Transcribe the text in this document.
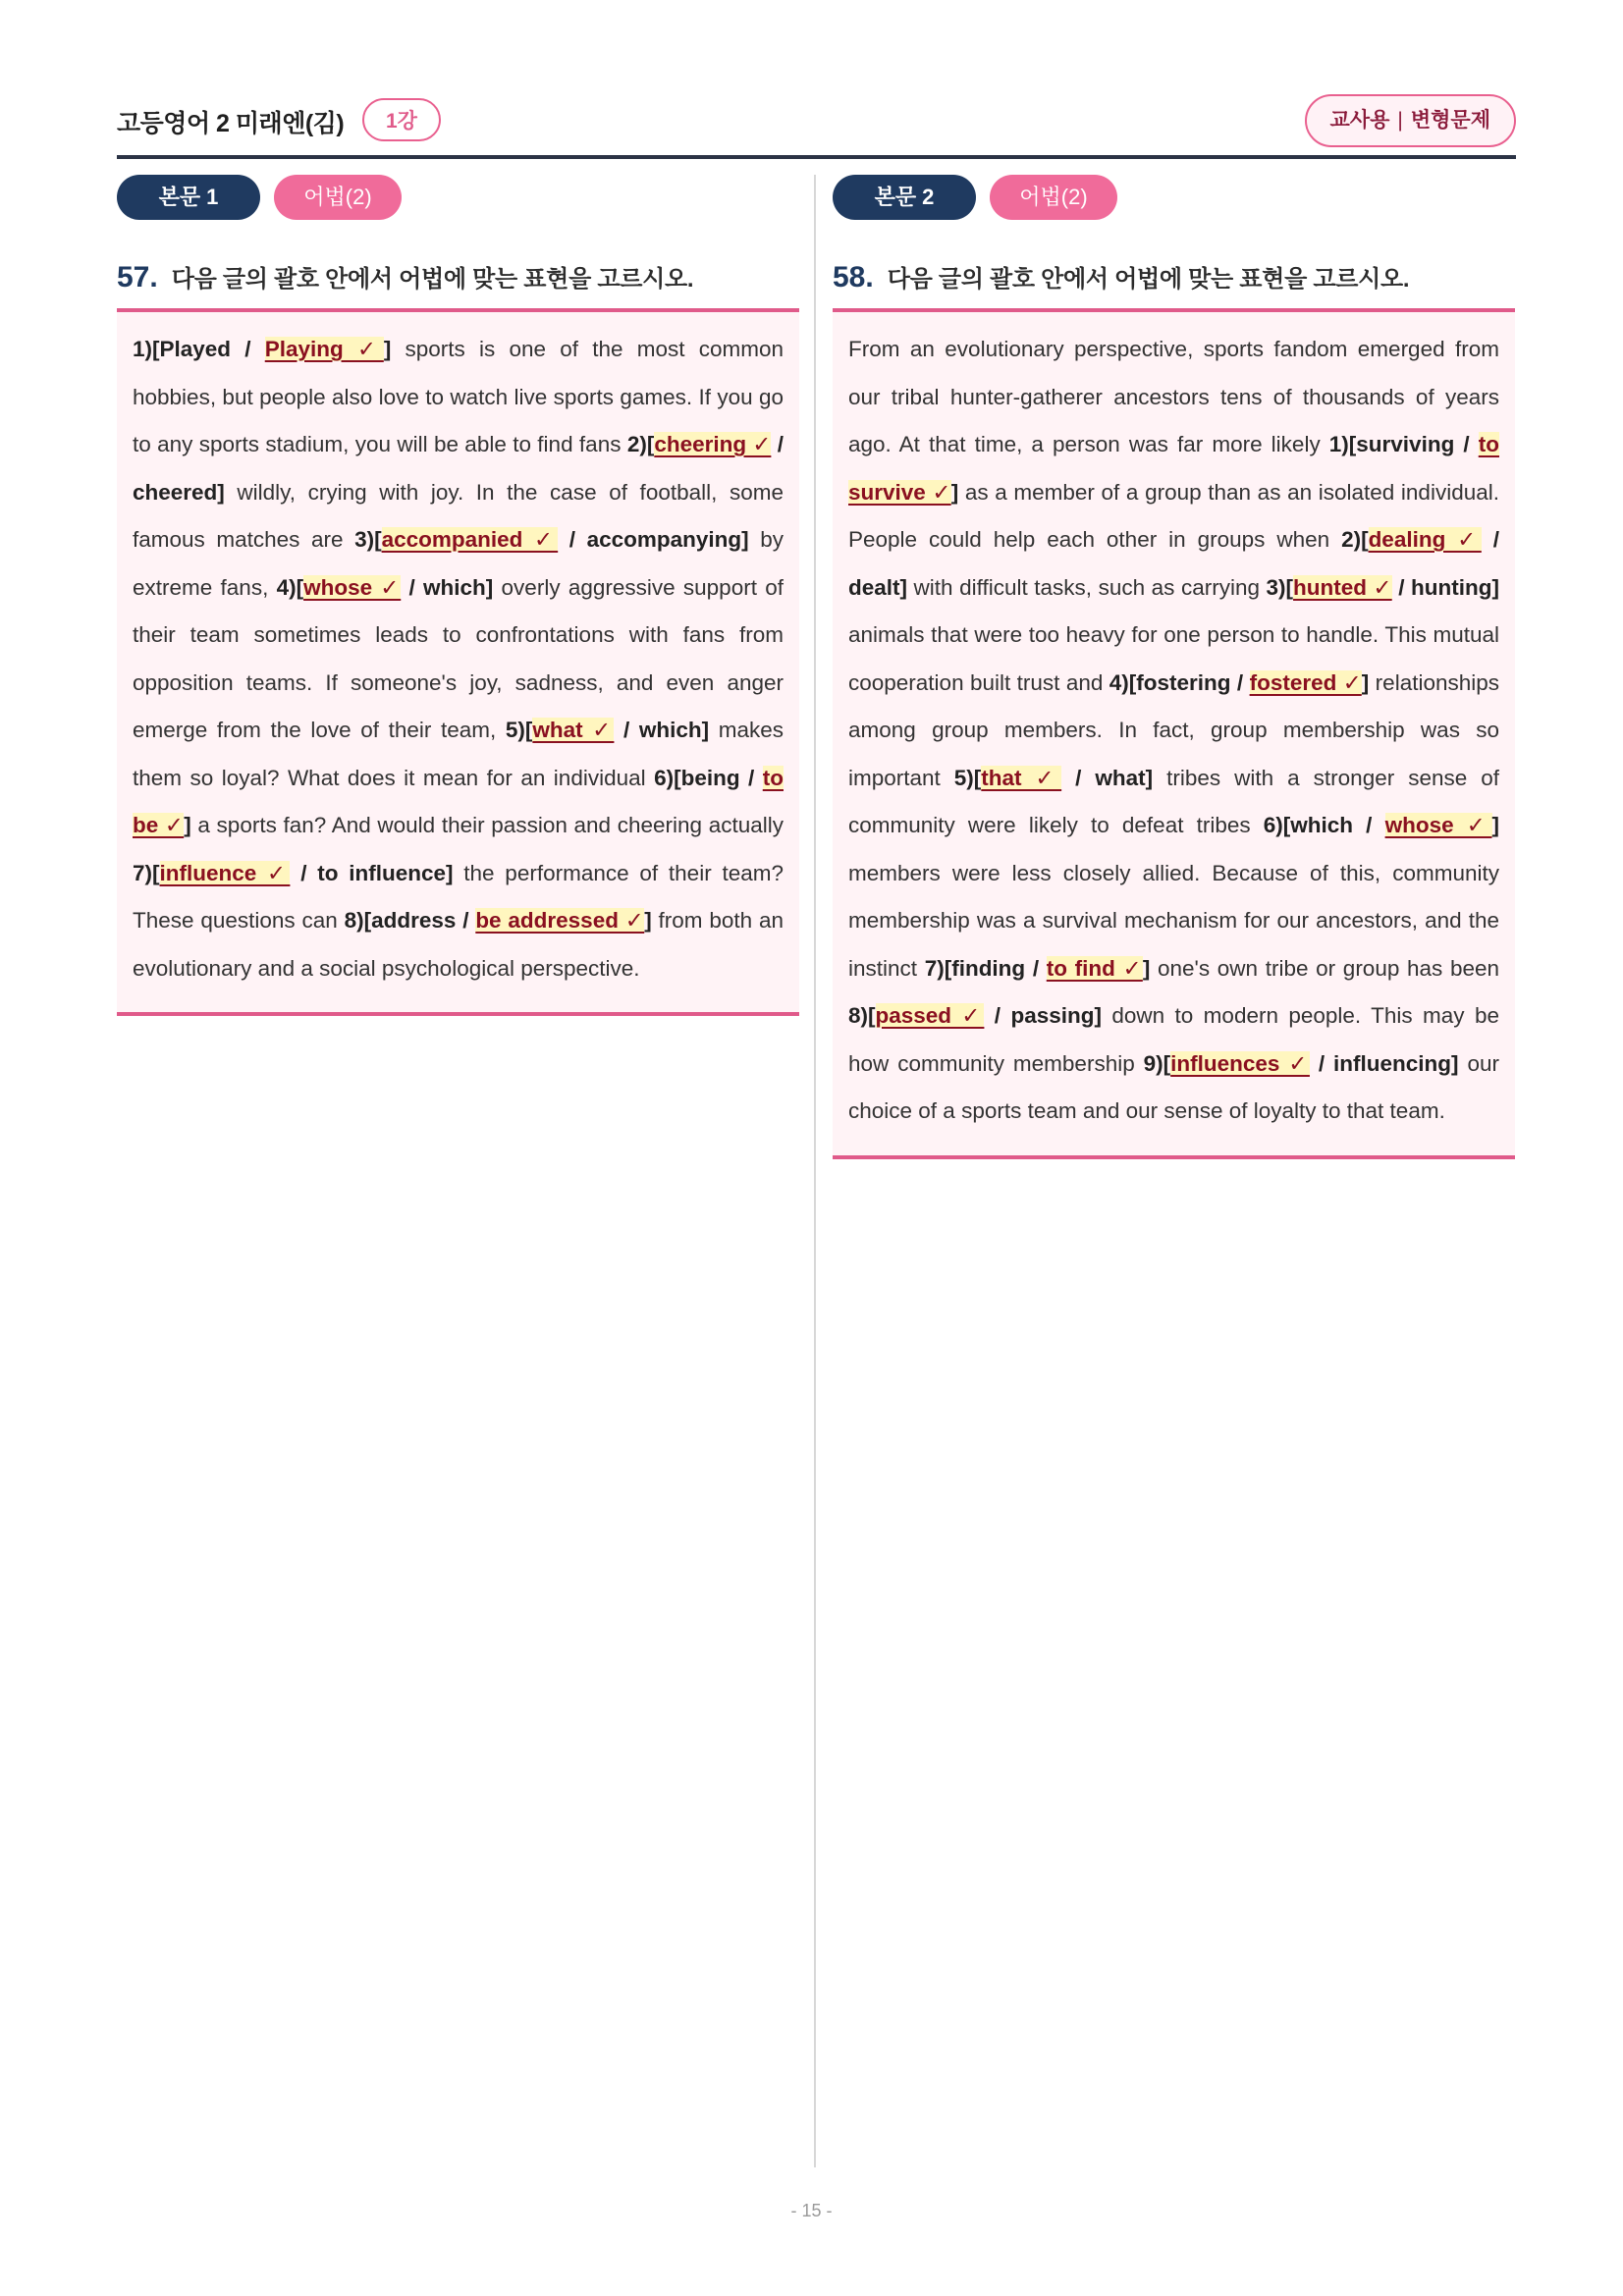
고등영어 2 미래엔(김)	1강	교사용 | 변형문제
본문 1	어법(2)
57. 다음 글의 괄호 안에서 어법에 맞는 표현을 고르시오.
1)[Played / Playing ✓] sports is one of the most common hobbies, but people also love to watch live sports games. If you go to any sports stadium, you will be able to find fans 2)[cheering ✓ / cheered] wildly, crying with joy. In the case of football, some famous matches are 3)[accompanied ✓ / accompanying] by extreme fans, 4)[whose ✓ / which] overly aggressive support of their team sometimes leads to confrontations with fans from opposition teams. If someone's joy, sadness, and even anger emerge from the love of their team, 5)[what ✓ / which] makes them so loyal? What does it mean for an individual 6)[being / to be ✓] a sports fan? And would their passion and cheering actually 7)[influence ✓ / to influence] the performance of their team? These questions can 8)[address / be addressed ✓] from both an evolutionary and a social psychological perspective.
본문 2	어법(2)
58. 다음 글의 괄호 안에서 어법에 맞는 표현을 고르시오.
From an evolutionary perspective, sports fandom emerged from our tribal hunter-gatherer ancestors tens of thousands of years ago. At that time, a person was far more likely 1)[surviving / to survive ✓] as a member of a group than as an isolated individual. People could help each other in groups when 2)[dealing ✓ / dealt] with difficult tasks, such as carrying 3)[hunted ✓ / hunting] animals that were too heavy for one person to handle. This mutual cooperation built trust and 4)[fostering / fostered ✓] relationships among group members. In fact, group membership was so important 5)[that ✓ / what] tribes with a stronger sense of community were likely to defeat tribes 6)[which / whose ✓] members were less closely allied. Because of this, community membership was a survival mechanism for our ancestors, and the instinct 7)[finding / to find ✓] one's own tribe or group has been 8)[passed ✓ / passing] down to modern people. This may be how community membership 9)[influences ✓ / influencing] our choice of a sports team and our sense of loyalty to that team.
- 15 -
